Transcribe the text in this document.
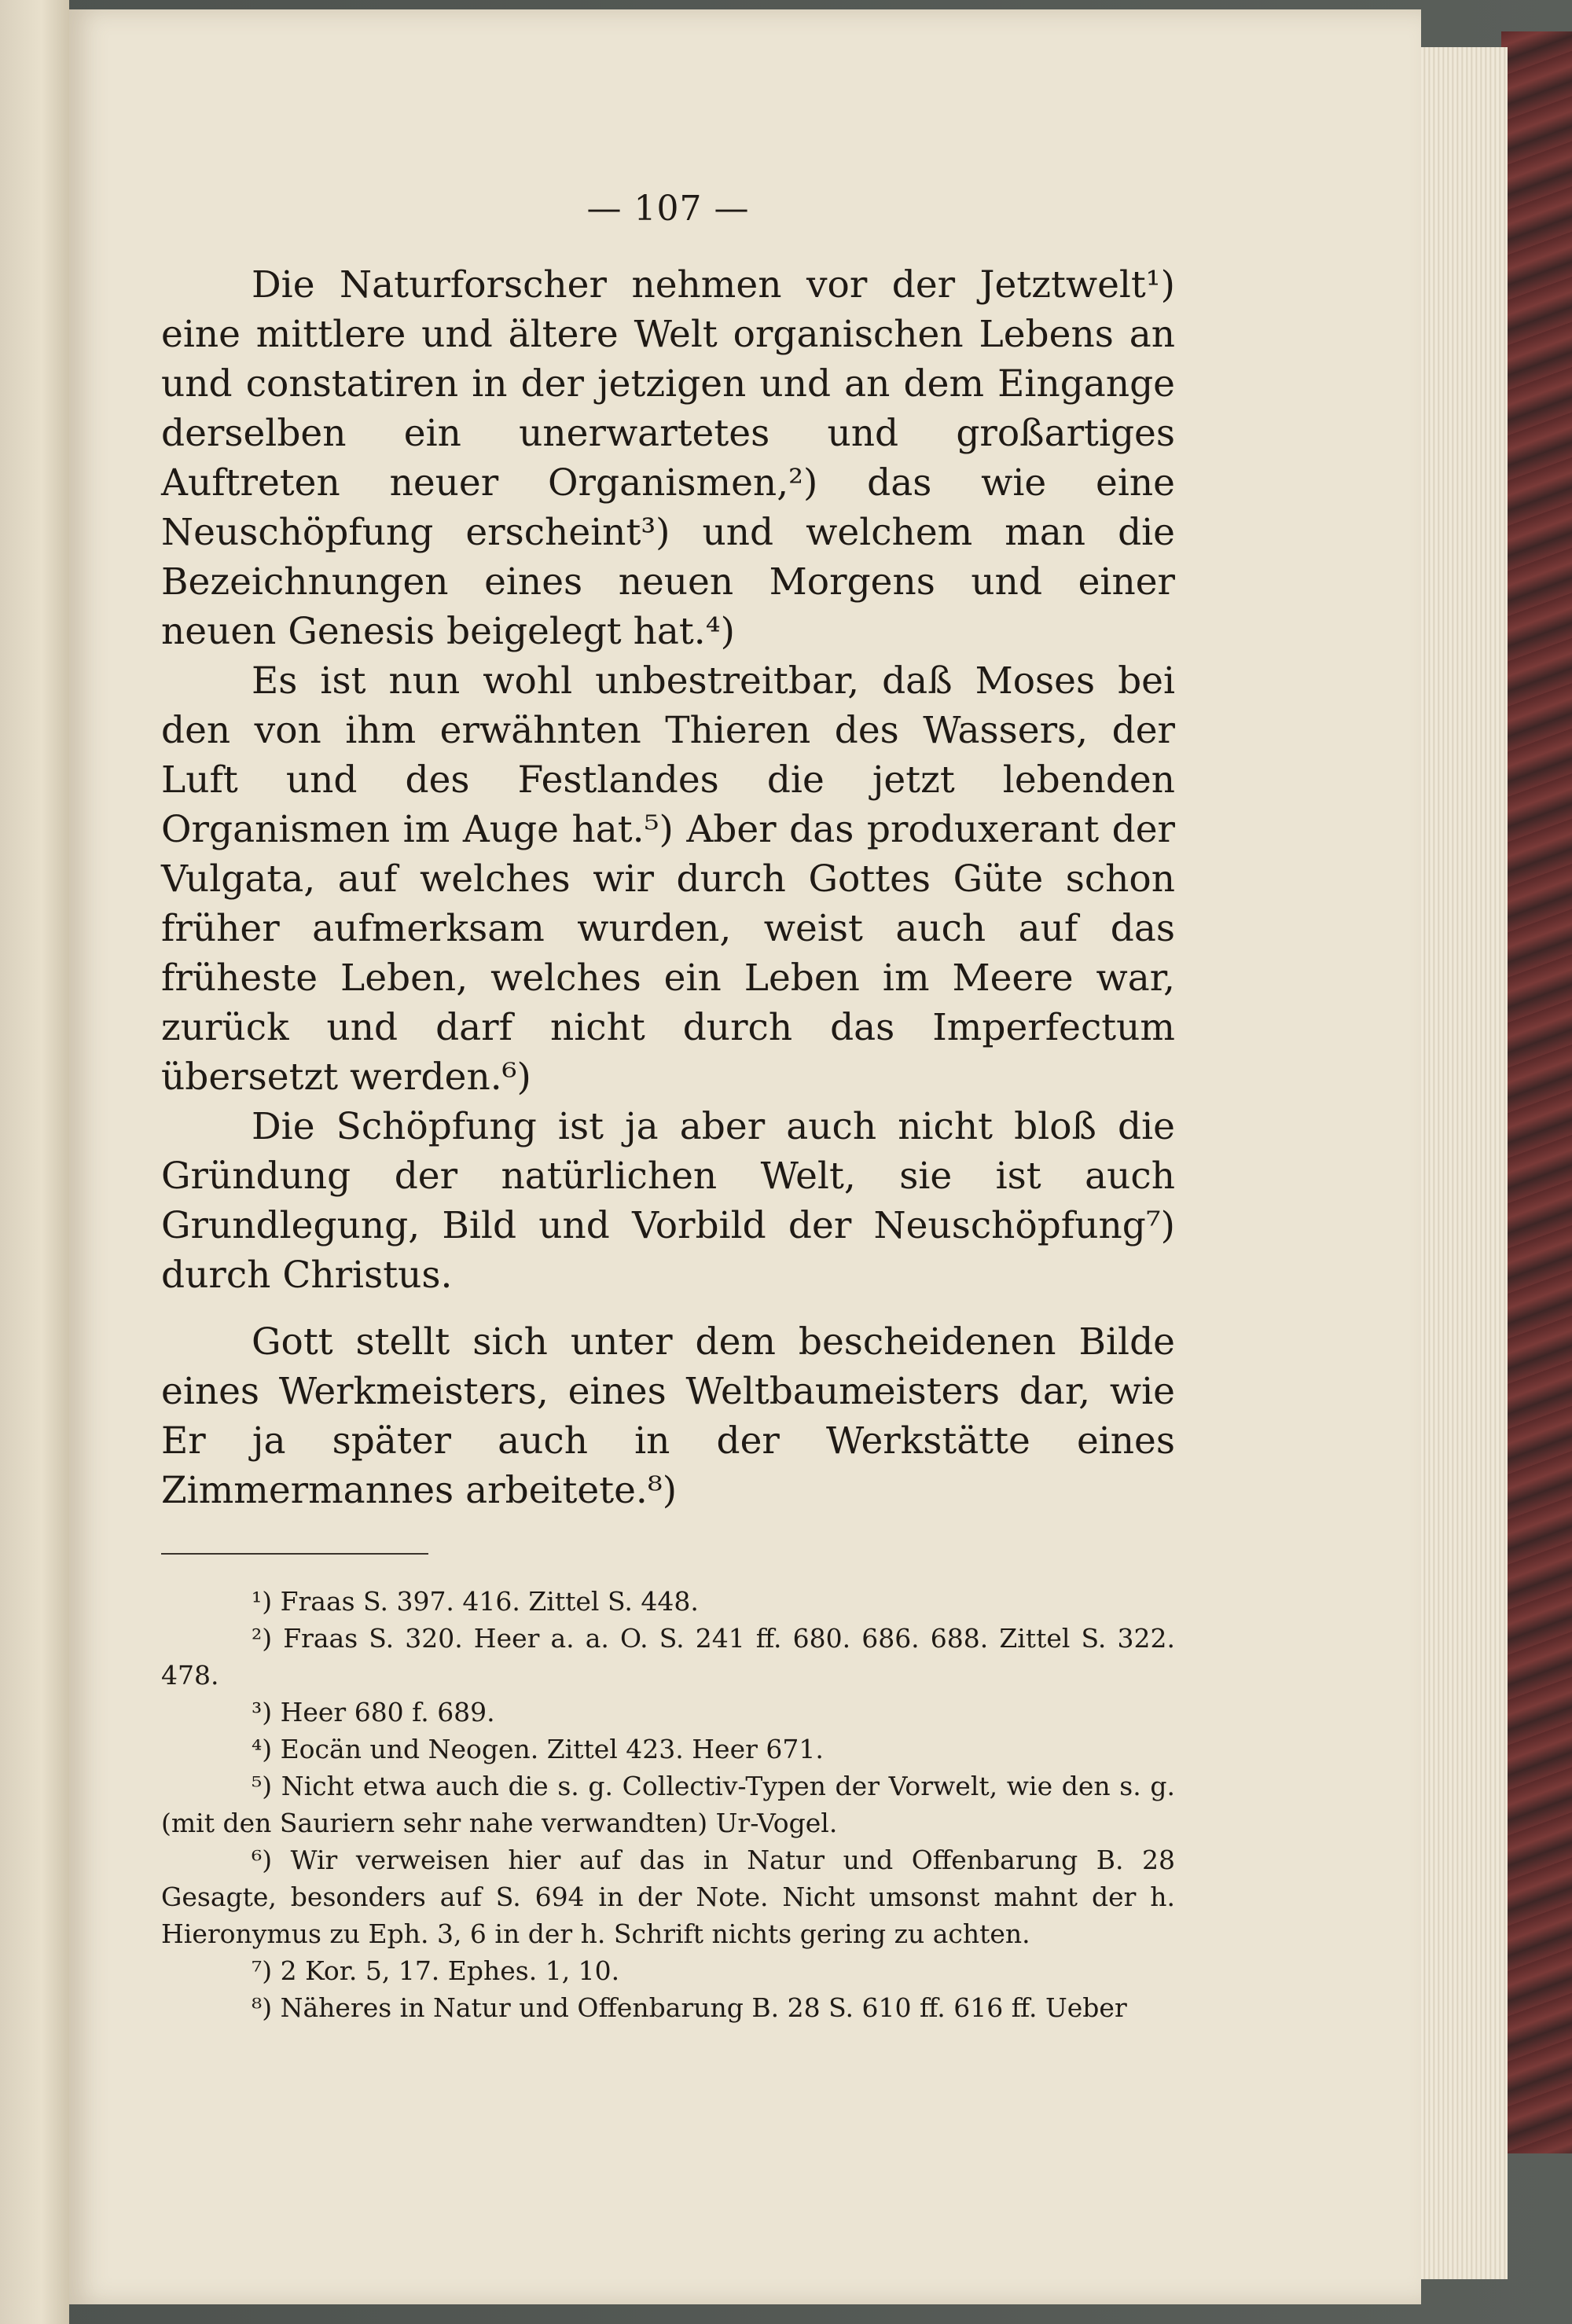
— 107 —

Die Naturforscher nehmen vor der Jetztwelt¹) eine mittlere und ältere Welt organischen Lebens an und constatiren in der jetzigen und an dem Eingange derselben ein unerwartetes und großartiges Auftreten neuer Organismen,²) das wie eine Neuschöpfung erscheint³) und welchem man die Bezeichnungen eines neuen Morgens und einer neuen Genesis beigelegt hat.⁴)

Es ist nun wohl unbestreitbar, daß Moses bei den von ihm erwähnten Thieren des Wassers, der Luft und des Festlandes die jetzt lebenden Organismen im Auge hat.⁵) Aber das produxerant der Vulgata, auf welches wir durch Gottes Güte schon früher aufmerksam wurden, weist auch auf das früheste Leben, welches ein Leben im Meere war, zurück und darf nicht durch das Imperfectum übersetzt werden.⁶)

Die Schöpfung ist ja aber auch nicht bloß die Gründung der natürlichen Welt, sie ist auch Grundlegung, Bild und Vorbild der Neuschöpfung⁷) durch Christus.

Gott stellt sich unter dem bescheidenen Bilde eines Werkmeisters, eines Weltbaumeisters dar, wie Er ja später auch in der Werkstätte eines Zimmermannes arbeitete.⁸)

¹) Fraas S. 397. 416. Zittel S. 448.

²) Fraas S. 320. Heer a. a. O. S. 241 ff. 680. 686. 688. Zittel S. 322. 478.

³) Heer 680 f. 689.

⁴) Eocän und Neogen. Zittel 423. Heer 671.

⁵) Nicht etwa auch die s. g. Collectiv-Typen der Vorwelt, wie den s. g. (mit den Sauriern sehr nahe verwandten) Ur-Vogel.

⁶) Wir verweisen hier auf das in Natur und Offenbarung B. 28 Gesagte, besonders auf S. 694 in der Note. Nicht umsonst mahnt der h. Hieronymus zu Eph. 3, 6 in der h. Schrift nichts gering zu achten.

⁷) 2 Kor. 5, 17. Ephes. 1, 10.

⁸) Näheres in Natur und Offenbarung B. 28 S. 610 ff. 616 ff. Ueber
